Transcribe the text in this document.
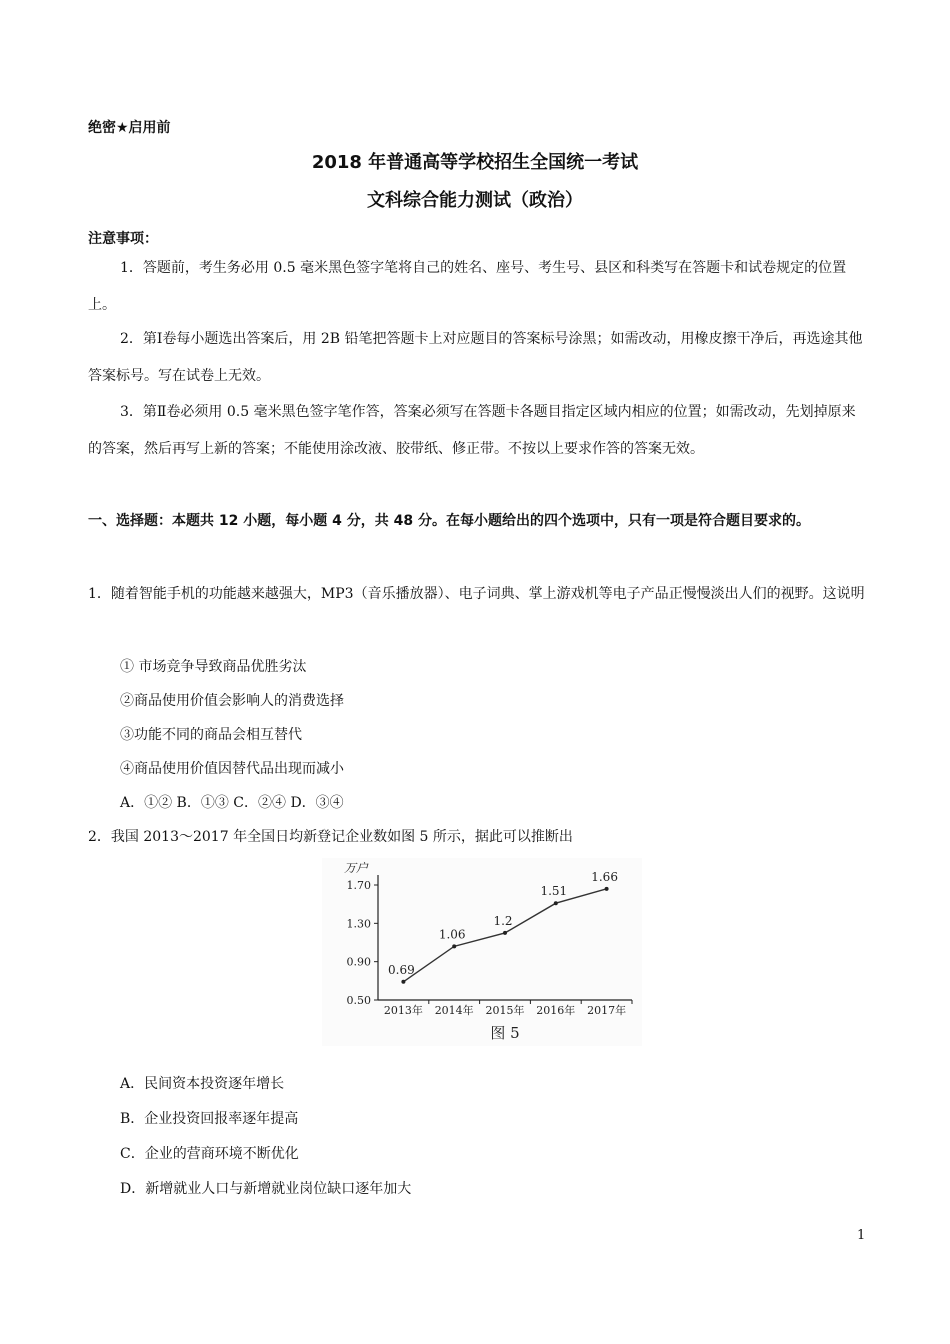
绝密★启用前
2018 年普通高等学校招生全国统一考试
文科综合能力测试（政治）
注意事项：
1．答题前，考生务必用 0.5 毫米黑色签字笔将自己的姓名、座号、考生号、县区和科类写在答题卡和试卷规定的位置上。
2．第Ⅰ卷每小题选出答案后，用 2B 铅笔把答题卡上对应题目的答案标号涂黑；如需改动，用橡皮擦干净后，再选途其他答案标号。写在试卷上无效。
3．第Ⅱ卷必须用 0.5 毫米黑色签字笔作答，答案必须写在答题卡各题目指定区域内相应的位置；如需改动，先划掉原来的答案，然后再写上新的答案；不能使用涂改液、胶带纸、修正带。不按以上要求作答的答案无效。
一、选择题：本题共 12 小题，每小题 4 分，共 48 分。在每小题给出的四个选项中，只有一项是符合题目要求的。
1．随着智能手机的功能越来越强大，MP3（音乐播放器）、电子词典、掌上游戏机等电子产品正慢慢淡出人们的视野。这说明
① 市场竞争导致商品优胜劣汰
②商品使用价值会影响人的消费选择
③功能不同的商品会相互替代
④商品使用价值因替代品出现而减小
A．①② B．①③ C．②④ D．③④
2．我国 2013～2017 年全国日均新登记企业数如图 5 所示，据此可以推断出
万户
0.50
0.90
1.30
1.70
2013年 2014年 2015年 2016年 2017年
0.69
1.06
1.2
1.51
1.66
图 5
A．民间资本投资逐年增长
B．企业投资回报率逐年提高
C．企业的营商环境不断优化
D．新增就业人口与新增就业岗位缺口逐年加大
1
